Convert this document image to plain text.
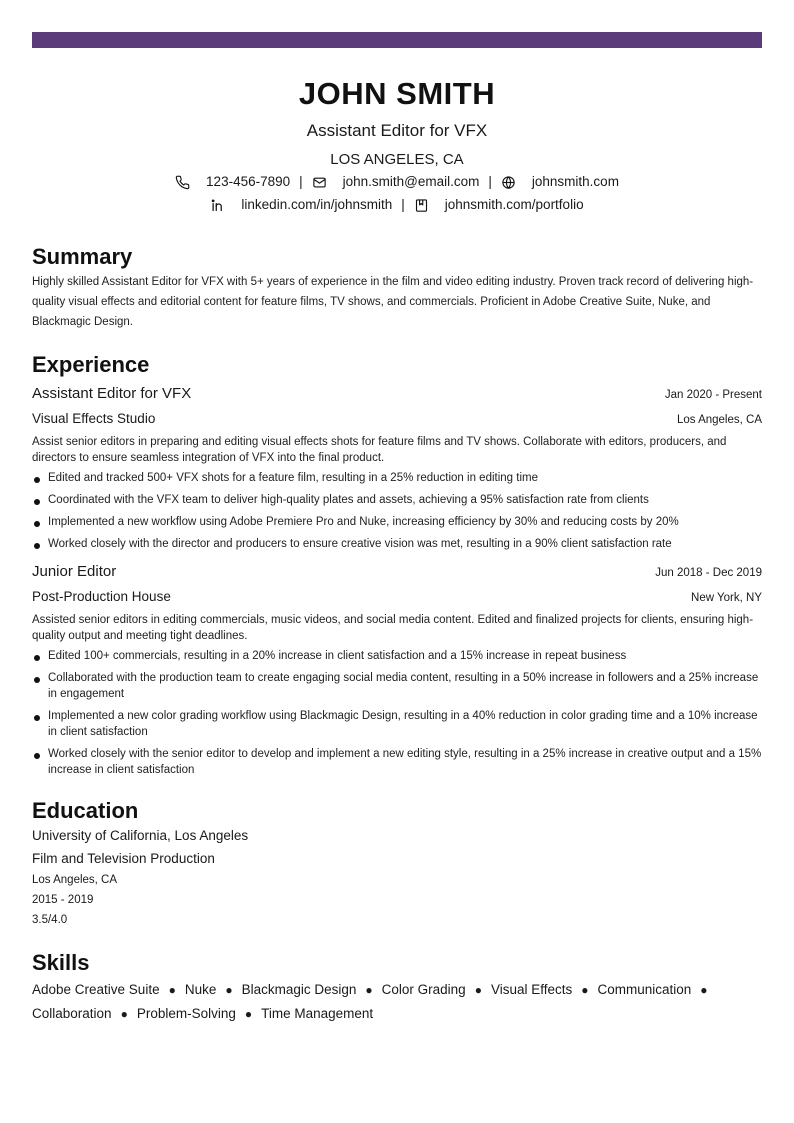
JOHN SMITH
Assistant Editor for VFX
LOS ANGELES, CA
123-456-7890 |	john.smith@email.com |	johnsmith.com
linkedin.com/in/johnsmith |	johnsmith.com/portfolio
Summary
Highly skilled Assistant Editor for VFX with 5+ years of experience in the film and video editing industry. Proven track record of delivering high-quality visual effects and editorial content for feature films, TV shows, and commercials. Proficient in Adobe Creative Suite, Nuke, and Blackmagic Design.
Experience
Assistant Editor for VFX	Jan 2020 - Present
Visual Effects Studio	Los Angeles, CA
Assist senior editors in preparing and editing visual effects shots for feature films and TV shows. Collaborate with editors, producers, and directors to ensure seamless integration of VFX into the final product.
Edited and tracked 500+ VFX shots for a feature film, resulting in a 25% reduction in editing time
Coordinated with the VFX team to deliver high-quality plates and assets, achieving a 95% satisfaction rate from clients
Implemented a new workflow using Adobe Premiere Pro and Nuke, increasing efficiency by 30% and reducing costs by 20%
Worked closely with the director and producers to ensure creative vision was met, resulting in a 90% client satisfaction rate
Junior Editor	Jun 2018 - Dec 2019
Post-Production House	New York, NY
Assisted senior editors in editing commercials, music videos, and social media content. Edited and finalized projects for clients, ensuring high-quality output and meeting tight deadlines.
Edited 100+ commercials, resulting in a 20% increase in client satisfaction and a 15% increase in repeat business
Collaborated with the production team to create engaging social media content, resulting in a 50% increase in followers and a 25% increase in engagement
Implemented a new color grading workflow using Blackmagic Design, resulting in a 40% reduction in color grading time and a 10% increase in client satisfaction
Worked closely with the senior editor to develop and implement a new editing style, resulting in a 25% increase in creative output and a 15% increase in client satisfaction
Education
University of California, Los Angeles
Film and Television Production
Los Angeles, CA
2015 - 2019
3.5/4.0
Skills
Adobe Creative Suite ● Nuke ● Blackmagic Design ● Color Grading ● Visual Effects ● Communication ●
Collaboration ● Problem-Solving ● Time Management
